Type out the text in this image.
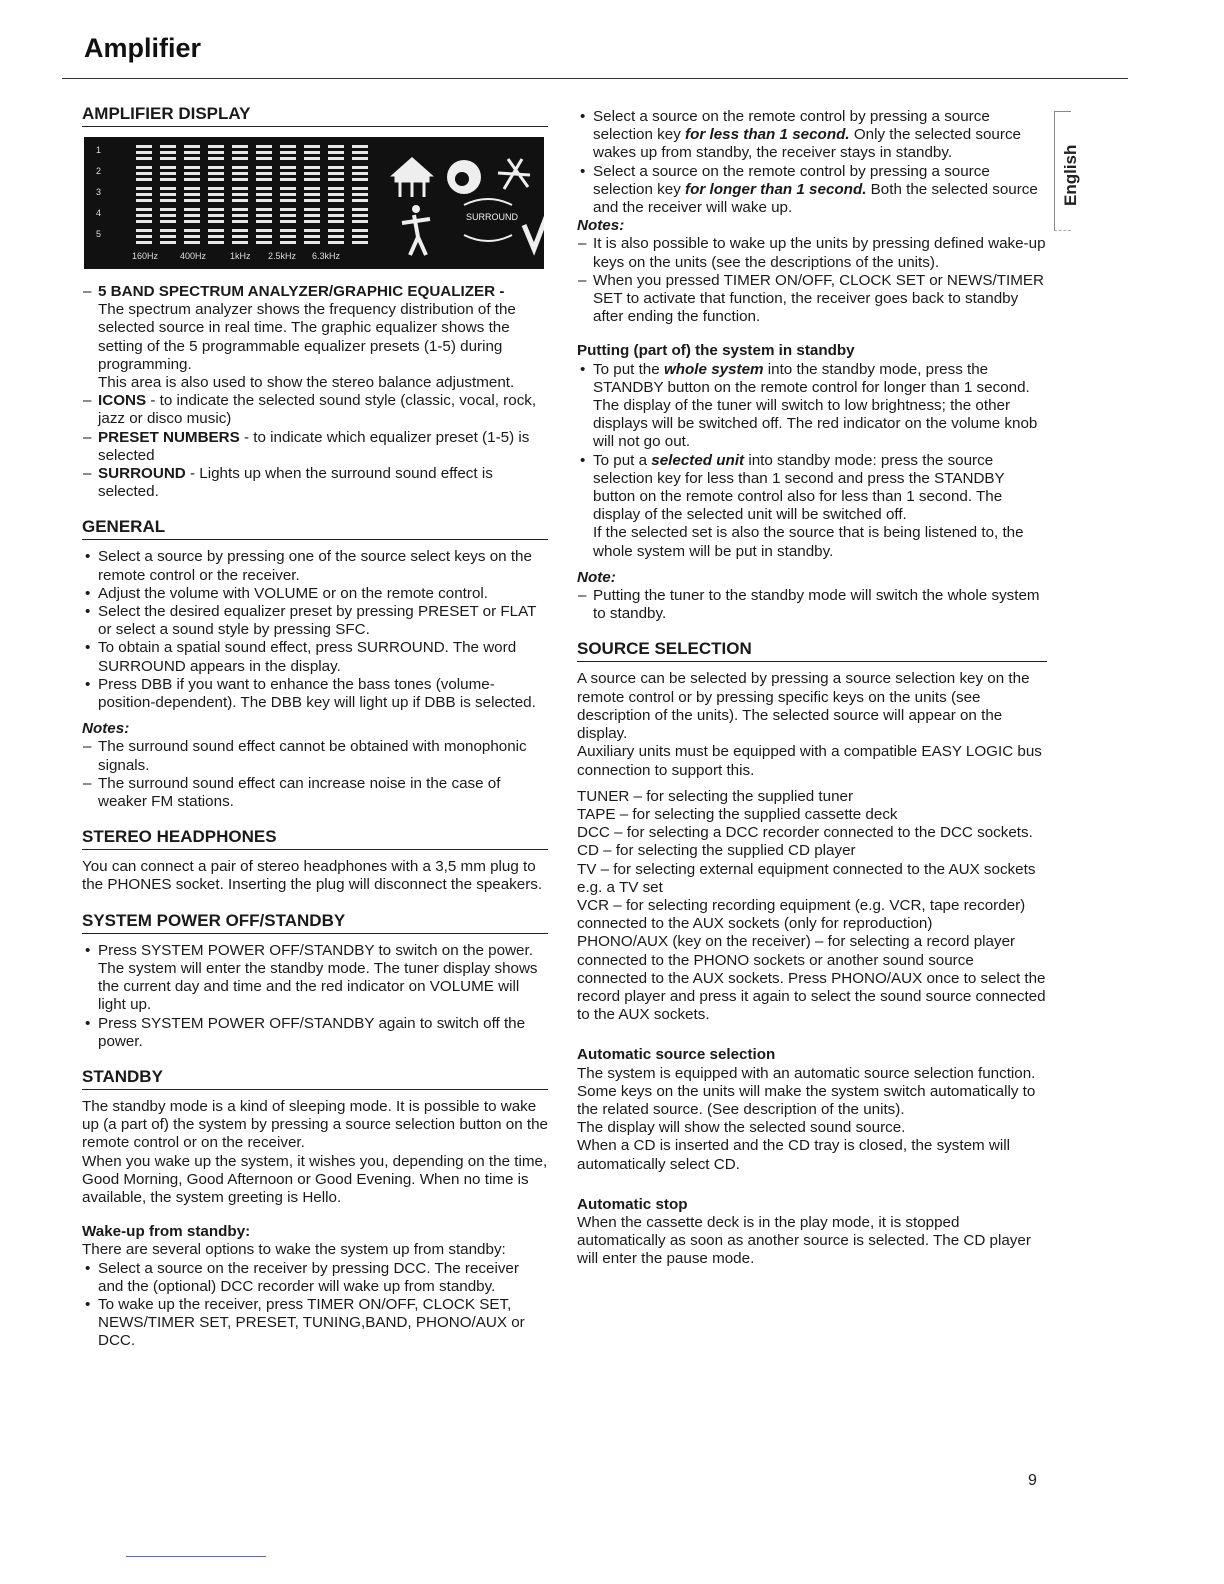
Amplifier
English
AMPLIFIER DISPLAY
1
2
3
4
5
160Hz 400Hz	1kHz 2.5kHz 6.3kHz
SURROUND
– 5 BAND SPECTRUM ANALYZER/GRAPHIC EQUALIZER -
The spectrum analyzer shows the frequency distribution of the selected source in real time. The graphic equalizer shows the setting of the 5 programmable equalizer presets (1-5) during programming.
This area is also used to show the stereo balance adjustment.
– ICONS - to indicate the selected sound style (classic, vocal, rock, jazz or disco music)
– PRESET NUMBERS - to indicate which equalizer preset (1-5) is selected
– SURROUND - Lights up when the surround sound effect is selected.
GENERAL
• Select a source by pressing one of the source select keys on the remote control or the receiver.
• Adjust the volume with VOLUME or on the remote control.
• Select the desired equalizer preset by pressing PRESET or FLAT or select a sound style by pressing SFC.
• To obtain a spatial sound effect, press SURROUND. The word SURROUND appears in the display.
• Press DBB if you want to enhance the bass tones (volume-position-dependent). The DBB key will light up if DBB is selected.

Notes:

– The surround sound effect cannot be obtained with monophonic signals.
– The surround sound effect can increase noise in the case of weaker FM stations.
STEREO HEADPHONES

You can connect a pair of stereo headphones with a 3,5 mm plug to the PHONES socket. Inserting the plug will disconnect the speakers.

SYSTEM POWER OFF/STANDBY
• Press SYSTEM POWER OFF/STANDBY to switch on the power. The system will enter the standby mode. The tuner display shows the current day and time and the red indicator on VOLUME will light up.
• Press SYSTEM POWER OFF/STANDBY again to switch off the power.
STANDBY

The standby mode is a kind of sleeping mode. It is possible to wake up (a part of) the system by pressing a source selection button on the remote control or on the receiver.

When you wake up the system, it wishes you, depending on the time, Good Morning, Good Afternoon or Good Evening. When no time is available, the system greeting is Hello.

Wake-up from standby:

There are several options to wake the system up from standby:

• Select a source on the receiver by pressing DCC. The receiver and the (optional) DCC recorder will wake up from standby.
• To wake up the receiver, press TIMER ON/OFF, CLOCK SET, NEWS/TIMER SET, PRESET, TUNING,BAND, PHONO/AUX or DCC.
• Select a source on the remote control by pressing a source selection key for less than 1 second. Only the selected source wakes up from standby, the receiver stays in standby.
• Select a source on the remote control by pressing a source selection key for longer than 1 second. Both the selected source and the receiver will wake up.

Notes:

– It is also possible to wake up the units by pressing defined wake-up keys on the units (see the descriptions of the units).
– When you pressed TIMER ON/OFF, CLOCK SET or NEWS/TIMER SET to activate that function, the receiver goes back to standby after ending the function.

Putting (part of) the system in standby

• To put the whole system into the standby mode, press the STANDBY button on the remote control for longer than 1 second. The display of the tuner will switch to low brightness; the other displays will be switched off. The red indicator on the volume knob will not go out.
• To put a selected unit into standby mode: press the source selection key for less than 1 second and press the STANDBY button on the remote control also for less than 1 second. The display of the selected unit will be switched off.
If the selected set is also the source that is being listened to, the whole system will be put in standby.

Note:

– Putting the tuner to the standby mode will switch the whole system to standby.
SOURCE SELECTION

A source can be selected by pressing a source selection key on the remote control or by pressing specific keys on the units (see description of the units). The selected source will appear on the display.

Auxiliary units must be equipped with a compatible EASY LOGIC bus connection to support this.

TUNER – for selecting the supplied tuner

TAPE – for selecting the supplied cassette deck

DCC – for selecting a DCC recorder connected to the DCC sockets.

CD – for selecting the supplied CD player

TV – for selecting external equipment connected to the AUX sockets e.g. a TV set

VCR – for selecting recording equipment (e.g. VCR, tape recorder) connected to the AUX sockets (only for reproduction)

PHONO/AUX (key on the receiver) – for selecting a record player connected to the PHONO sockets or another sound source connected to the AUX sockets. Press PHONO/AUX once to select the record player and press it again to select the sound source connected to the AUX sockets.

Automatic source selection

The system is equipped with an automatic source selection function. Some keys on the units will make the system switch automatically to the related source. (See description of the units).

The display will show the selected sound source.

When a CD is inserted and the CD tray is closed, the system will automatically select CD.

Automatic stop

When the cassette deck is in the play mode, it is stopped automatically as soon as another source is selected. The CD player will enter the pause mode.

9
